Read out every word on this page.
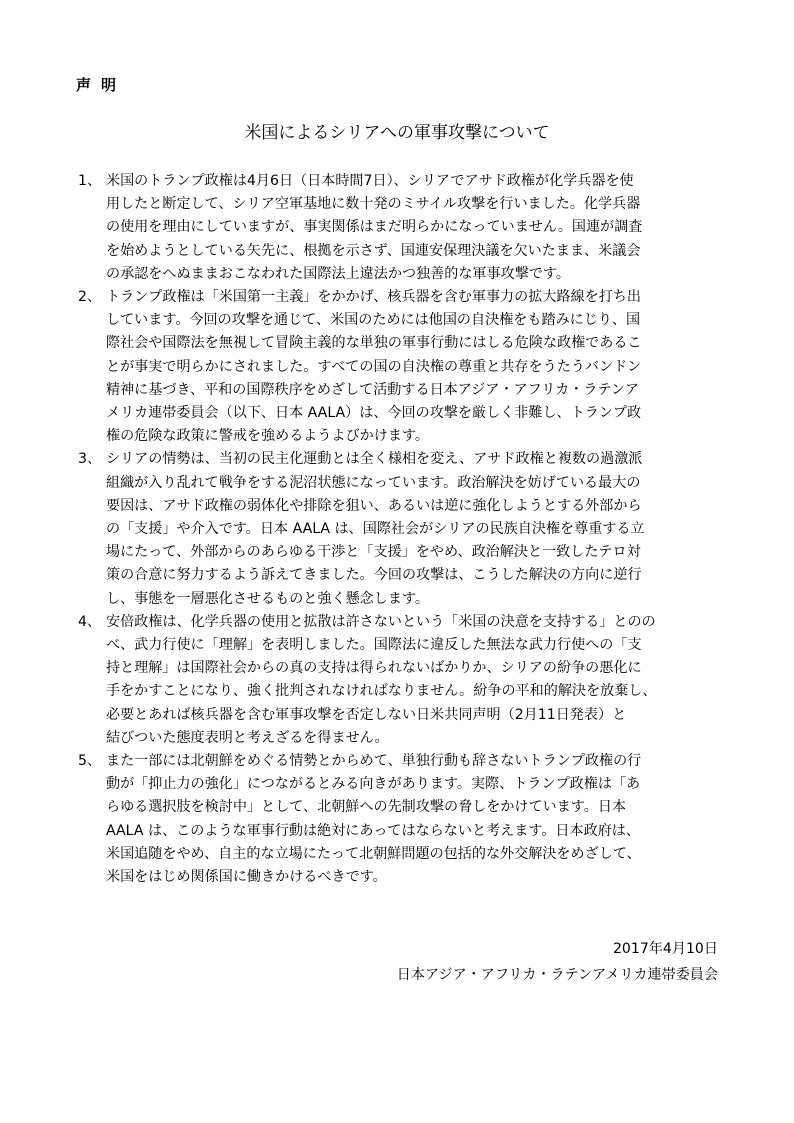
声明
米国によるシリアへの軍事攻撃について
1、 米国のトランプ政権は4月6日（日本時間7日）、シリアでアサド政権が化学兵器を使
用したと断定して、シリア空軍基地に数十発のミサイル攻撃を行いました。化学兵器
の使用を理由にしていますが、事実関係はまだ明らかになっていません。国連が調査
を始めようとしている矢先に、根拠を示さず、国連安保理決議を欠いたまま、米議会
の承認をへぬままおこなわれた国際法上違法かつ独善的な軍事攻撃です。
2、 トランプ政権は「米国第一主義」をかかげ、核兵器を含む軍事力の拡大路線を打ち出
しています。今回の攻撃を通じて、米国のためには他国の自決権をも踏みにじり、国
際社会や国際法を無視して冒険主義的な単独の軍事行動にはしる危険な政権であるこ
とが事実で明らかにされました。すべての国の自決権の尊重と共存をうたうバンドン
精神に基づき、平和の国際秩序をめざして活動する日本アジア・アフリカ・ラテンア
メリカ連帯委員会（以下、日本 AALA）は、今回の攻撃を厳しく非難し、トランプ政
権の危険な政策に警戒を強めるようよびかけます。
3、 シリアの情勢は、当初の民主化運動とは全く様相を変え、アサド政権と複数の過激派
組織が入り乱れて戦争をする泥沼状態になっています。政治解決を妨げている最大の
要因は、アサド政権の弱体化や排除を狙い、あるいは逆に強化しようとする外部から
の「支援」や介入です。日本 AALA は、国際社会がシリアの民族自決権を尊重する立
場にたって、外部からのあらゆる干渉と「支援」をやめ、政治解決と一致したテロ対
策の合意に努力するよう訴えてきました。今回の攻撃は、こうした解決の方向に逆行
し、事態を一層悪化させるものと強く懸念します。
4、 安倍政権は、化学兵器の使用と拡散は許さないという「米国の決意を支持する」とのの
べ、武力行使に「理解」を表明しました。国際法に違反した無法な武力行使への「支
持と理解」は国際社会からの真の支持は得られないばかりか、シリアの紛争の悪化に
手をかすことになり、強く批判されなければなりません。紛争の平和的解決を放棄し、
必要とあれば核兵器を含む軍事攻撃を否定しない日米共同声明（2月11日発表）と
結びついた態度表明と考えざるを得ません。
5、 また一部には北朝鮮をめぐる情勢とからめて、単独行動も辞さないトランプ政権の行
動が「抑止力の強化」につながるとみる向きがあります。実際、トランプ政権は「あ
らゆる選択肢を検討中」として、北朝鮮への先制攻撃の脅しをかけています。日本
AALA は、このような軍事行動は絶対にあってはならないと考えます。日本政府は、
米国追随をやめ、自主的な立場にたって北朝鮮問題の包括的な外交解決をめざして、
米国をはじめ関係国に働きかけるべきです。
2017年4月10日
日本アジア・アフリカ・ラテンアメリカ連帯委員会
